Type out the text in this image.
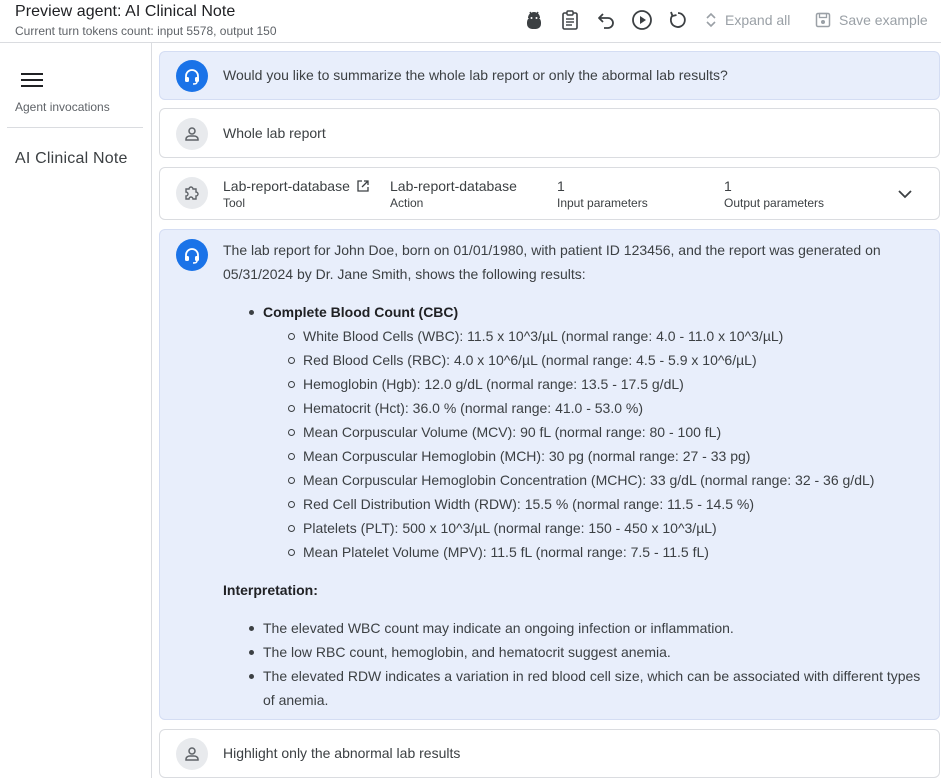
Preview agent: AI Clinical Note
Current turn tokens count: input 5578, output 150
Expand all	Save example
Agent invocations
AI Clinical Note
Would you like to summarize the whole lab report or only the abormal lab results?
Whole lab report
Lab-report-database
Tool
Lab-report-database
Action
1
Input parameters
1
Output parameters

The lab report for John Doe, born on 01/01/1980, with patient ID 123456, and the report was generated on 05/31/2024 by Dr. Jane Smith, shows the following results:

Complete Blood Count (CBC)
White Blood Cells (WBC): 11.5 x 10^3/µL (normal range: 4.0 - 11.0 x 10^3/µL)
Red Blood Cells (RBC): 4.0 x 10^6/µL (normal range: 4.5 - 5.9 x 10^6/µL)
Hemoglobin (Hgb): 12.0 g/dL (normal range: 13.5 - 17.5 g/dL)
Hematocrit (Hct): 36.0 % (normal range: 41.0 - 53.0 %)
Mean Corpuscular Volume (MCV): 90 fL (normal range: 80 - 100 fL)
Mean Corpuscular Hemoglobin (MCH): 30 pg (normal range: 27 - 33 pg)
Mean Corpuscular Hemoglobin Concentration (MCHC): 33 g/dL (normal range: 32 - 36 g/dL)
Red Cell Distribution Width (RDW): 15.5 % (normal range: 11.5 - 14.5 %)
Platelets (PLT): 500 x 10^3/µL (normal range: 150 - 450 x 10^3/µL)
Mean Platelet Volume (MPV): 11.5 fL (normal range: 7.5 - 11.5 fL)

Interpretation:

The elevated WBC count may indicate an ongoing infection or inflammation.
The low RBC count, hemoglobin, and hematocrit suggest anemia.
The elevated RDW indicates a variation in red blood cell size, which can be associated with different types of anemia.
Highlight only the abnormal lab results
